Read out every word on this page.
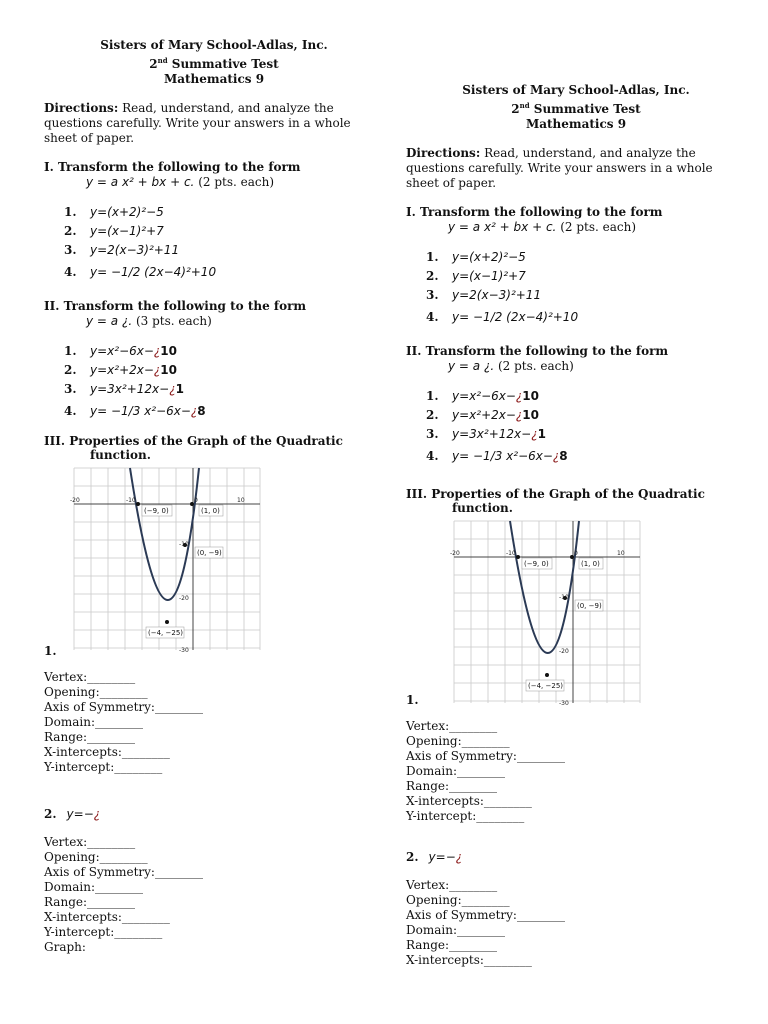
Sisters of Mary School-Adlas, Inc.

2nd Summative Test

Mathematics 9

Directions: Read, understand, and analyze the questions carefully. Write your answers in a whole sheet of paper.
I. Transform the following to the form
y = a x² + bx + c. (2 pts. each)
1.	y=(x+2)²−5
2.	y=(x−1)²+7
3.	y=2(x−3)²+11
4.	y= −1/2 (2x−4)²+10
II. Transform the following to the form
y = a ¿. (3 pts. each)
1.	y=x²−6x−¿10
2.	y=x²+2x−¿10
3.	y=3x²+12x−¿1
4.	y= −1/3 x²−6x−¿8
III. Properties of the Graph of the Quadratic
function.
-20	-10	0	10
-10
-20
-30
(−9, 0)	(1, 0)
(0, −9)
(−4, −25)
1.
Vertex:________
Opening:________
Axis of Symmetry:________
Domain:________
Range:________
X-intercepts:________
Y-intercept:________
2. y=−¿
Vertex:________
Opening:________
Axis of Symmetry:________
Domain:________
Range:________
X-intercepts:________
Y-intercept:________
Graph:

Sisters of Mary School-Adlas, Inc.

2nd Summative Test

Mathematics 9

Directions: Read, understand, and analyze the questions carefully. Write your answers in a whole sheet of paper.
I. Transform the following to the form
y = a x² + bx + c. (2 pts. each)
1.	y=(x+2)²−5
2.	y=(x−1)²+7
3.	y=2(x−3)²+11
4.	y= −1/2 (2x−4)²+10
II. Transform the following to the form
y = a ¿. (2 pts. each)
1.	y=x²−6x−¿10
2.	y=x²+2x−¿10
3.	y=3x²+12x−¿1
4.	y= −1/3 x²−6x−¿8
III. Properties of the Graph of the Quadratic
function.
-20	-10	0	10
-10
-20
-30
(−9, 0)	(1, 0)
(0, −9)
(−4, −25)
1.
Vertex:________
Opening:________
Axis of Symmetry:________
Domain:________
Range:________
X-intercepts:________
Y-intercept:________
2. y=−¿
Vertex:________
Opening:________
Axis of Symmetry:________
Domain:________
Range:________
X-intercepts:________
